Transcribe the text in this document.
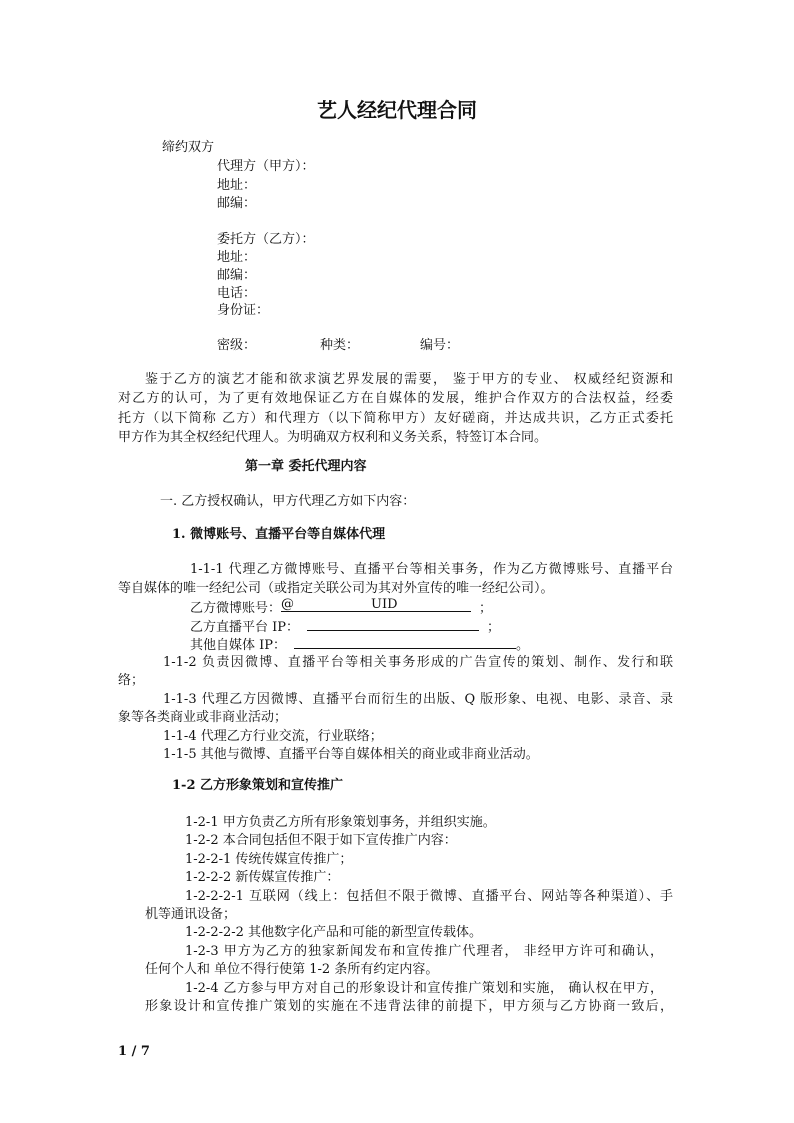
艺人经纪代理合同
缔约双方
代理方（甲方）：
地址：
邮编：
委托方（乙方）：
地址：
邮编：
电话：
身份证：
密级：	种类：	编号：
鉴于乙方的演艺才能和欲求演艺界发展的需要， 鉴于甲方的专业、 权威经纪资源和
对乙方的认可，为了更有效地保证乙方在自媒体的发展，维护合作双方的合法权益，经委
托方（以下简称 乙方）和代理方（以下简称甲方）友好磋商，并达成共识，乙方正式委托
甲方作为其全权经纪代理人。为明确双方权利和义务关系，特签订本合同。
第一章 委托代理内容
一. 乙方授权确认，甲方代理乙方如下内容：
1. 微博账号、直播平台等自媒体代理
1-1-1 代理乙方微博账号、直播平台等相关事务，作为乙方微博账号、直播平台
等自媒体的唯一经纪公司（或指定关联公司为其对外宣传的唯一经纪公司）。
乙方微博账号： @	UID	；
乙方直播平台 IP：	；
其他自媒体 IP：	。
1-1-2 负责因微博、直播平台等相关事务形成的广告宣传的策划、制作、发行和联
络；
1-1-3 代理乙方因微博、直播平台而衍生的出版、Q 版形象、电视、电影、录音、录
象等各类商业或非商业活动；
1-1-4 代理乙方行业交流，行业联络；
1-1-5 其他与微博、直播平台等自媒体相关的商业或非商业活动。
1-2 乙方形象策划和宣传推广
1-2-1 甲方负责乙方所有形象策划事务，并组织实施。
1-2-2 本合同包括但不限于如下宣传推广内容：
1-2-2-1 传统传媒宣传推广；
1-2-2-2 新传媒宣传推广：
1-2-2-2-1 互联网（线上：包括但不限于微博、直播平台、网站等各种渠道）、手
机等通讯设备；
1-2-2-2-2 其他数字化产品和可能的新型宣传载体。
1-2-3 甲方为乙方的独家新闻发布和宣传推广代理者， 非经甲方许可和确认，
任何个人和 单位不得行使第 1-2 条所有约定内容。
1-2-4 乙方参与甲方对自己的形象设计和宣传推广策划和实施， 确认权在甲方，
形象设计和宣传推广策划的实施在不违背法律的前提下，甲方须与乙方协商一致后，
1 / 7
